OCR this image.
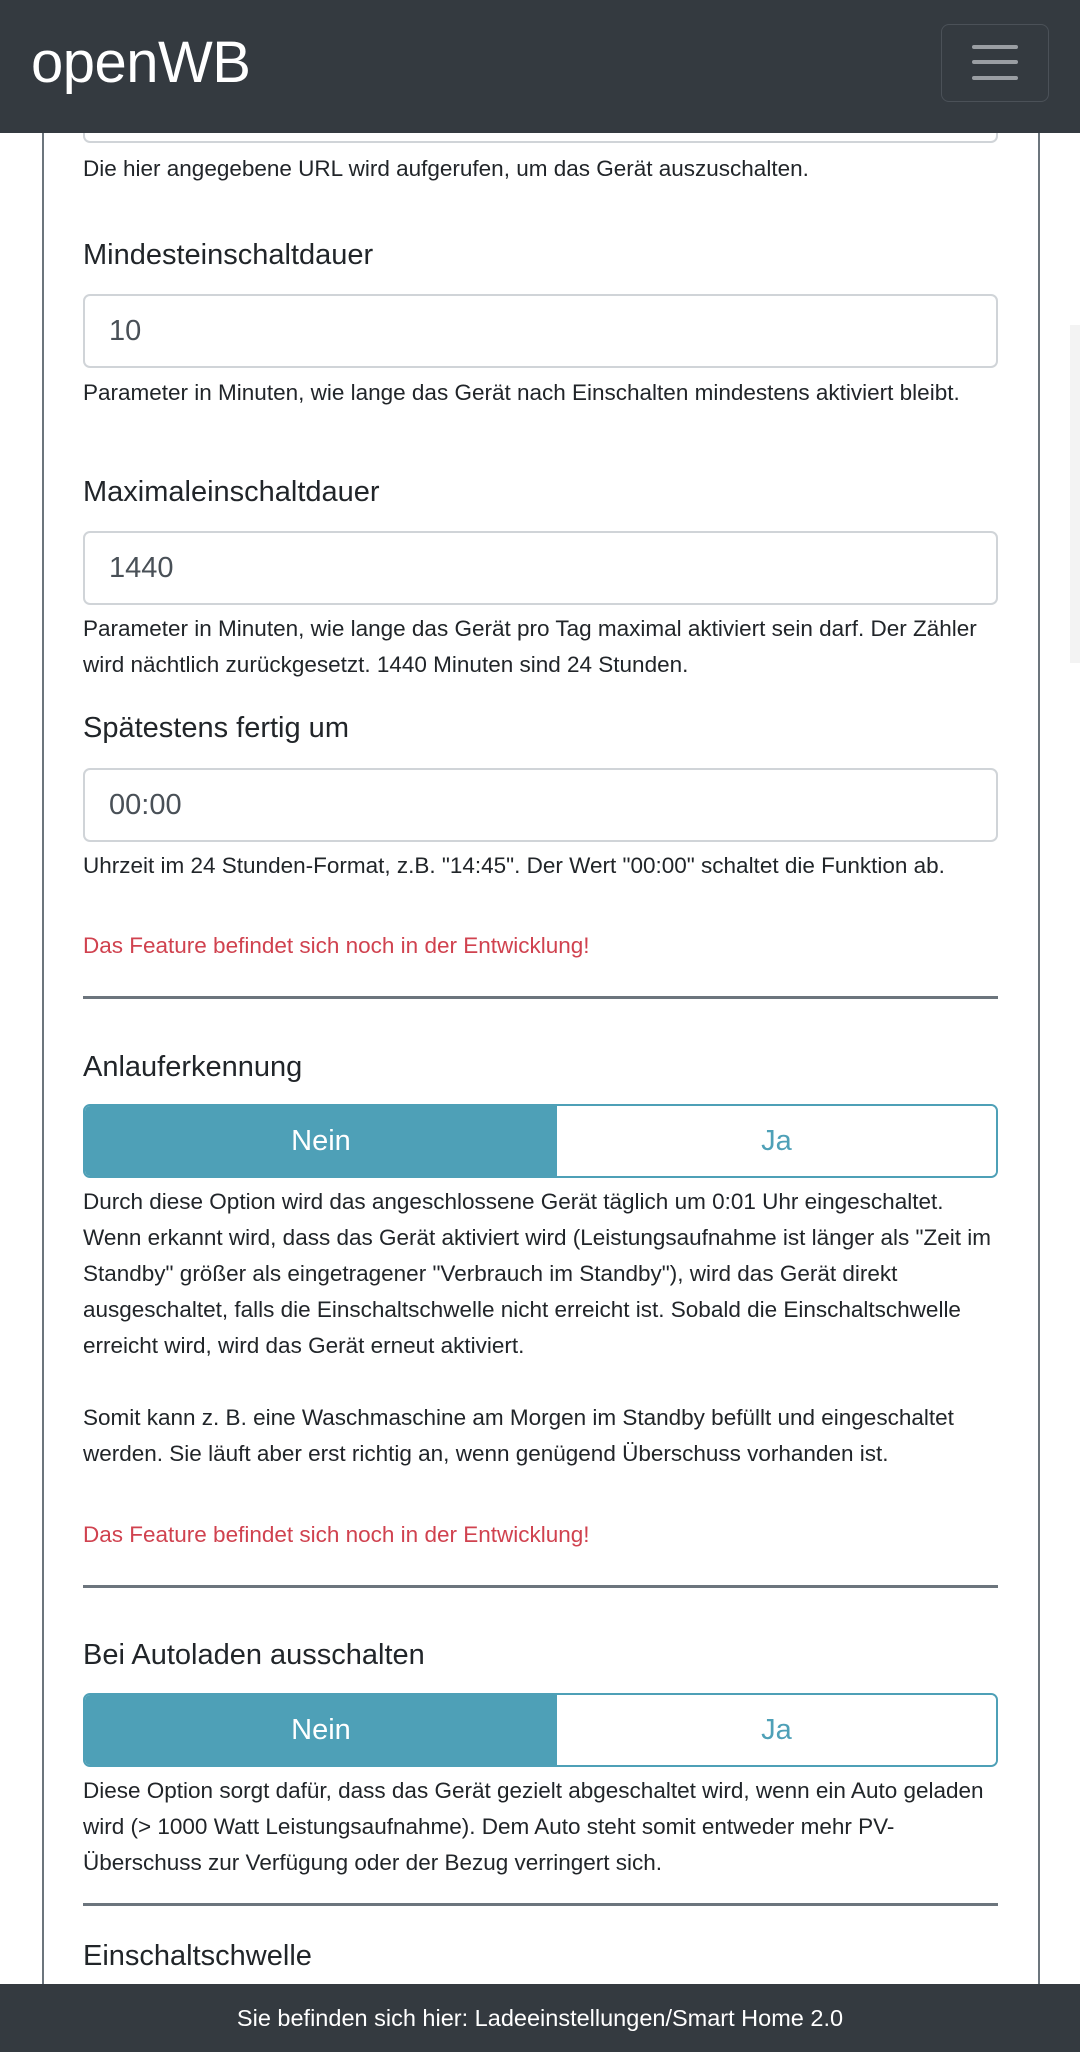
Die hier angegebene URL wird aufgerufen, um das Gerät auszuschalten.
Mindesteinschaltdauer
10
Parameter in Minuten, wie lange das Gerät nach Einschalten mindestens aktiviert bleibt.
Maximaleinschaltdauer
1440
Parameter in Minuten, wie lange das Gerät pro Tag maximal aktiviert sein darf. Der Zähler wird nächtlich zurückgesetzt. 1440 Minuten sind 24 Stunden.
Spätestens fertig um
00:00
Uhrzeit im 24 Stunden-Format, z.B. "14:45". Der Wert "00:00" schaltet die Funktion ab.
Das Feature befindet sich noch in der Entwicklung!
Anlauferkennung
Nein	Ja
Durch diese Option wird das angeschlossene Gerät täglich um 0:01 Uhr eingeschaltet. Wenn erkannt wird, dass das Gerät aktiviert wird (Leistungsaufnahme ist länger als "Zeit im Standby" größer als eingetragener "Verbrauch im Standby"), wird das Gerät direkt ausgeschaltet, falls die Einschaltschwelle nicht erreicht ist. Sobald die Einschaltschwelle erreicht wird, wird das Gerät erneut aktiviert.
Somit kann z. B. eine Waschmaschine am Morgen im Standby befüllt und eingeschaltet werden. Sie läuft aber erst richtig an, wenn genügend Überschuss vorhanden ist.
Das Feature befindet sich noch in der Entwicklung!
Bei Autoladen ausschalten
Nein	Ja
Diese Option sorgt dafür, dass das Gerät gezielt abgeschaltet wird, wenn ein Auto geladen wird (> 1000 Watt Leistungsaufnahme). Dem Auto steht somit entweder mehr PV-Überschuss zur Verfügung oder der Bezug verringert sich.
Einschaltschwelle
openWB
Sie befinden sich hier: Ladeeinstellungen/Smart Home 2.0
